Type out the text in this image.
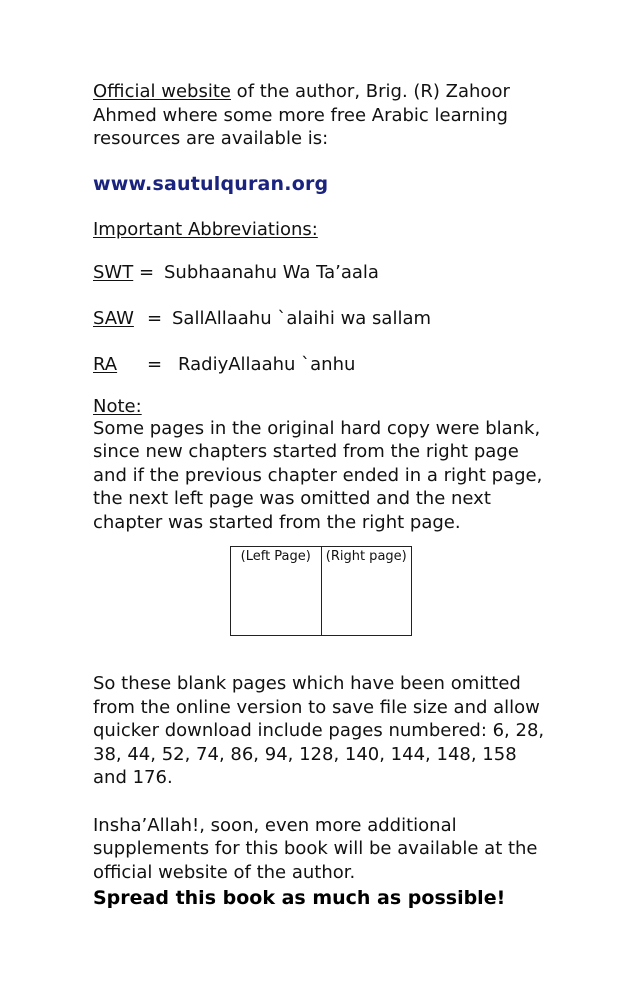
Official website of the author, Brig. (R) Zahoor Ahmed where some more free Arabic learning resources are available is:

www.sautulquran.org
Important Abbreviations:
SWT = Subhaanahu Wa Ta’aala
SAW = SallAllaahu `alaihi wa sallam
RA	= RadiyAllaahu `anhu
Note:

Some pages in the original hard copy were blank, since new chapters started from the right page and if the previous chapter ended in a right page, the next left page was omitted and the next chapter was started from the right page.

(Left Page)	(Right page)

So these blank pages which have been omitted from the online version to save file size and allow quicker download include pages numbered: 6, 28, 38, 44, 52, 74, 86, 94, 128, 140, 144, 148, 158 and 176.

Insha’Allah!, soon, even more additional supplements for this book will be available at the official website of the author.

Spread this book as much as possible!
